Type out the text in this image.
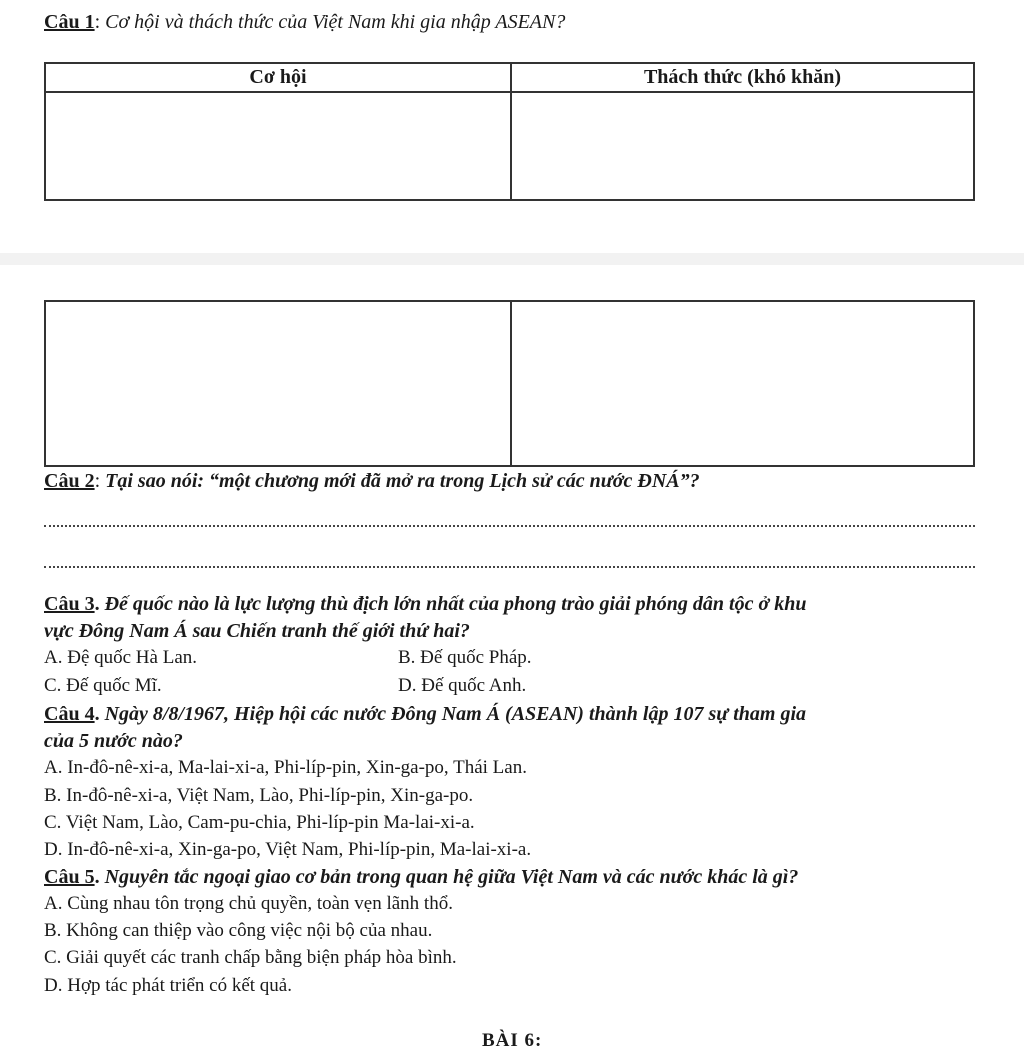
Câu 1: Cơ hội và thách thức của Việt Nam khi gia nhập ASEAN?
Cơ hội	Thách thức (khó khăn)

Câu 2: Tại sao nói: “một chương mới đã mở ra trong Lịch sử các nước ĐNÁ”?
Câu 3. Đế quốc nào là lực lượng thù địch lớn nhất của phong trào giải phóng dân tộc ở khu
vực Đông Nam Á sau Chiến tranh thế giới thứ hai?
A. Đệ quốc Hà Lan.	B. Đế quốc Pháp.
C. Đế quốc Mĩ.	D. Đế quốc Anh.
Câu 4. Ngày 8/8/1967, Hiệp hội các nước Đông Nam Á (ASEAN) thành lập 107 sự tham gia
của 5 nước nào?
A. In-đô-nê-xi-a, Ma-lai-xi-a, Phi-líp-pin, Xin-ga-po, Thái Lan.
B. In-đô-nê-xi-a, Việt Nam, Lào, Phi-líp-pin, Xin-ga-po.
C. Việt Nam, Lào, Cam-pu-chia, Phi-líp-pin Ma-lai-xi-a.
D. In-đô-nê-xi-a, Xin-ga-po, Việt Nam, Phi-líp-pin, Ma-lai-xi-a.
Câu 5. Nguyên tắc ngoại giao cơ bản trong quan hệ giữa Việt Nam và các nước khác là gì?
A. Cùng nhau tôn trọng chủ quyền, toàn vẹn lãnh thổ.
B. Không can thiệp vào công việc nội bộ của nhau.
C. Giải quyết các tranh chấp bằng biện pháp hòa bình.
D. Hợp tác phát triển có kết quả.
BÀI 6:
